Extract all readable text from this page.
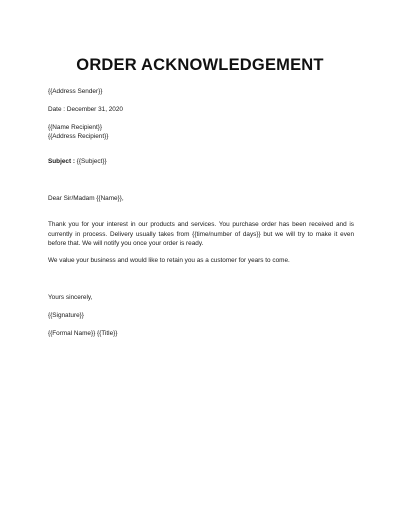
ORDER ACKNOWLEDGEMENT
{{Address Sender}}
Date : December 31, 2020
{{Name Recipient}}
{{Address Recipient}}
Subject : {{Subject}}
Dear Sir/Madam {{Name}},
Thank you for your interest in our products and services. You purchase order has been received and is currently in process. Delivery usually takes from {{time/number of days}} but we will try to make it even before that. We will notify you once your order is ready.
We value your business and would like to retain you as a customer for years to come.
Yours sincerely,
{{Signature}}
{{Formal Name}} {{Title}}
